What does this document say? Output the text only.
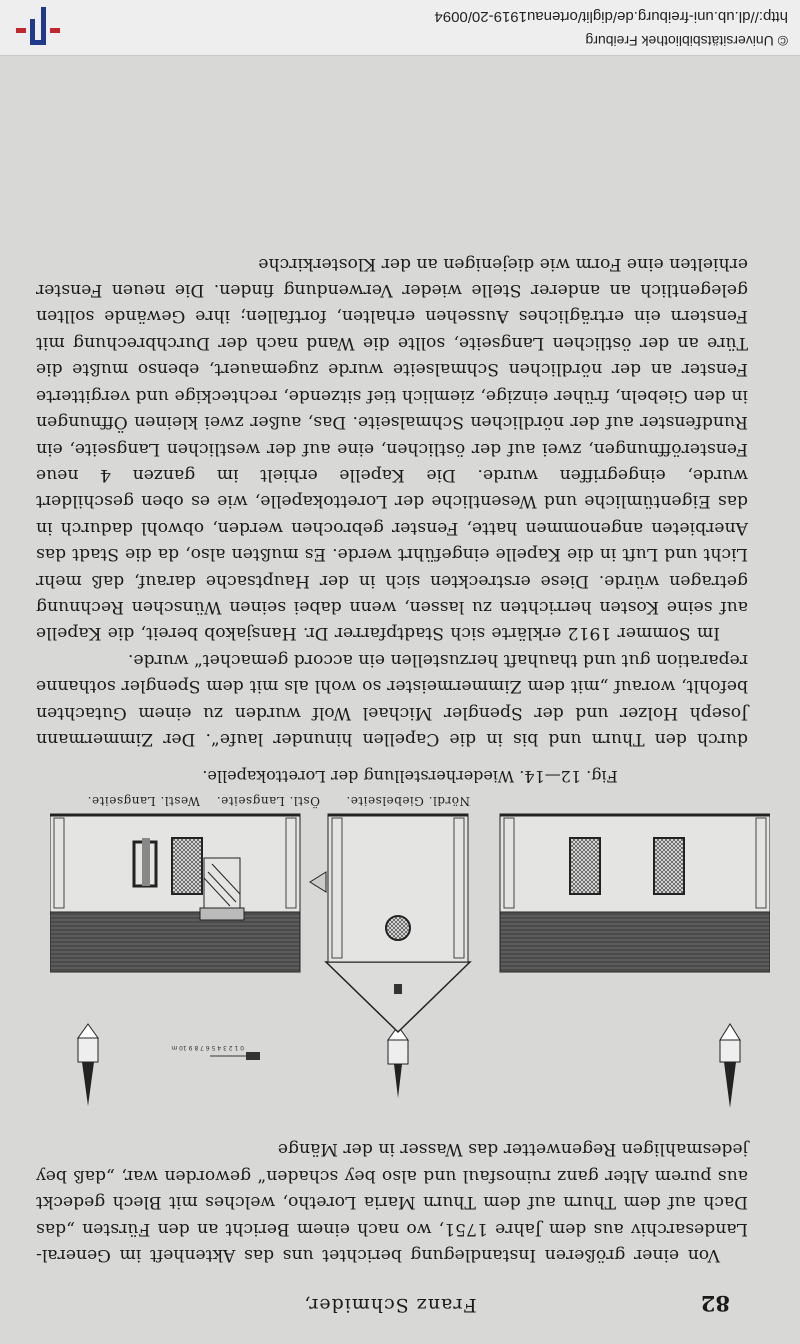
© Universitätsbibliothek Freiburg
http://dl.ub.uni-freiburg.de/diglit/ortenau1919-20/0094
82
Franz Schmider,

Von einer größeren Instandlegung berichtet uns das Aktenheft im General-Landesarchiv aus dem Jahre 1751, wo nach einem Bericht an den Fürsten „das Dach auf dem Thurn auf dem Thurn Maria Loretho, welches mit Blech gedeckt aus purem Alter ganz ruinosfaul und also bey schaden“ geworden war, „daß bey jedesmahligen Regenwetter das Wasser in der Mänge

0 1 2 3 4 5 6 7 8 9 10 m
Östl. Langseite. Nördl. Giebelseite.
Westl. Langseite.
Fig. 12—14. Wiederherstellung der Lorettokapelle.

durch den Thurn und bis in die Capellen hinunder laufe“. Der Zimmermann Joseph Holzer und der Spengler Michael Wolf wurden zu einem Gutachten befohlt, worauf „mit dem Zimmermeister so wohl als mit dem Spengler sothanne reparation gut und thauhaft herzustellen ein accord gemachet“ wurde.

Im Sommer 1912 erklärte sich Stadtpfarrer Dr. Hansjakob bereit, die Kapelle auf seine Kosten herrichten zu lassen, wenn dabei seinen Wünschen Rechnung getragen würde. Diese erstreckten sich in der Hauptsache darauf, daß mehr Licht und Luft in die Kapelle eingeführt werde. Es mußten also, da die Stadt das Anerbieten angenommen hatte, Fenster gebrochen werden, obwohl dadurch in das Eigentümliche und Wesentliche der Lorettokapelle, wie es oben geschildert wurde, eingegriffen wurde. Die Kapelle erhielt im ganzen 4 neue Fensteröffnungen, zwei auf der östlichen, eine auf der westlichen Langseite, ein Rundfenster auf der nördlichen Schmalseite. Das, außer zwei kleinen Öffnungen in den Giebeln, früher einzige, ziemlich tief sitzende, rechteckige und vergitterte Fenster an der nördlichen Schmalseite wurde zugemauert, ebenso mußte die Türe an der östlichen Langseite, sollte die Wand nach der Durchbrechung mit Fenstern ein erträgliches Aussehen erhalten, fortfallen; ihre Gewände sollten gelegentlich an anderer Stelle wieder Verwendung finden. Die neuen Fenster erhielten eine Form wie diejenigen an der Klosterkirche
